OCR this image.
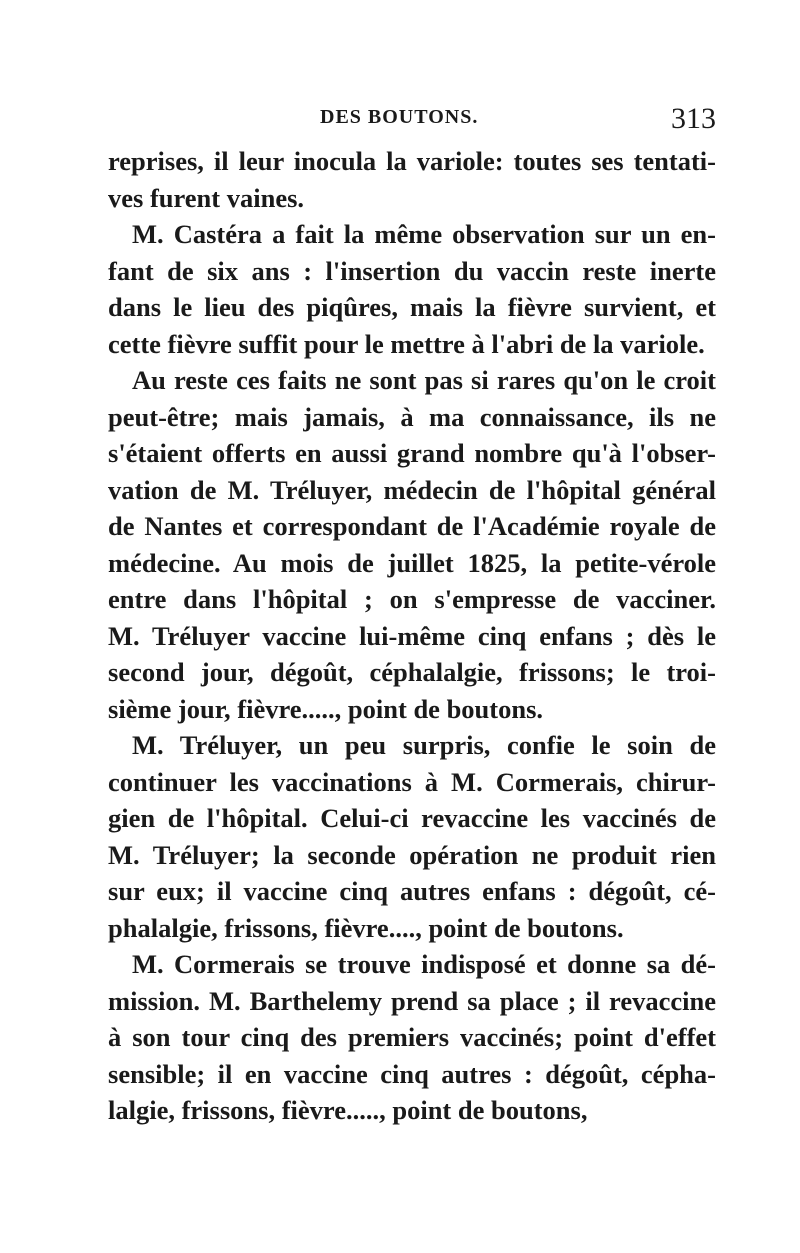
DES BOUTONS.	313
reprises, il leur inocula la variole: toutes ses tentati-
ves furent vaines.
M. Castéra a fait la même observation sur un en-
fant de six ans : l'insertion du vaccin reste inerte
dans le lieu des piqûres, mais la fièvre survient, et
cette fièvre suffit pour le mettre à l'abri de la variole.
Au reste ces faits ne sont pas si rares qu'on le croit
peut-être; mais jamais, à ma connaissance, ils ne
s'étaient offerts en aussi grand nombre qu'à l'obser-
vation de M. Tréluyer, médecin de l'hôpital général
de Nantes et correspondant de l'Académie royale de
médecine. Au mois de juillet 1825, la petite-vérole
entre dans l'hôpital ; on s'empresse de vacciner.
M. Tréluyer vaccine lui-même cinq enfans ; dès le
second jour, dégoût, céphalalgie, frissons; le troi-
sième jour, fièvre....., point de boutons.
M. Tréluyer, un peu surpris, confie le soin de
continuer les vaccinations à M. Cormerais, chirur-
gien de l'hôpital. Celui-ci revaccine les vaccinés de
M. Tréluyer; la seconde opération ne produit rien
sur eux; il vaccine cinq autres enfans : dégoût, cé-
phalalgie, frissons, fièvre...., point de boutons.
M. Cormerais se trouve indisposé et donne sa dé-
mission. M. Barthelemy prend sa place ; il revaccine
à son tour cinq des premiers vaccinés; point d'effet
sensible; il en vaccine cinq autres : dégoût, cépha-
lalgie, frissons, fièvre....., point de boutons,
